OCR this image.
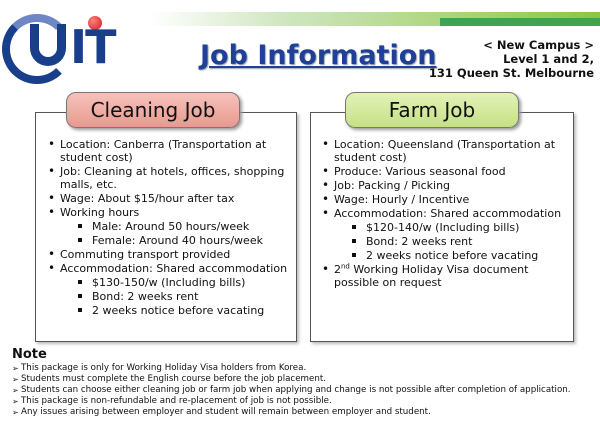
IT	Job Information	< New Campus >
Level 1 and 2,
131 Queen St. Melbourne
Cleaning Job	Farm Job
• Location: Canberra (Transportation at student cost)
• Job: Cleaning at hotels, offices, shopping malls, etc.
• Wage: About $15/hour after tax
• Working hours
Male: Around 50 hours/week
Female: Around 40 hours/week
• Commuting transport provided
• Accommodation: Shared accommodation
$130-150/w (Including bills)
Bond: 2 weeks rent
2 weeks notice before vacating
• Location: Queensland (Transportation at student cost)
• Produce: Various seasonal food
• Job: Packing / Picking
• Wage: Hourly / Incentive
• Accommodation: Shared accommodation
$120-140/w (Including bills)
Bond: 2 weeks rent
2 weeks notice before vacating
• 2nd Working Holiday Visa document possible on request
Note
➢ This package is only for Working Holiday Visa holders from Korea.
➢ Students must complete the English course before the job placement.
➢ Students can choose either cleaning job or farm job when applying and change is not possible after completion of application.
➢ This package is non-refundable and re-placement of job is not possible.
➢ Any issues arising between employer and student will remain between employer and student.
